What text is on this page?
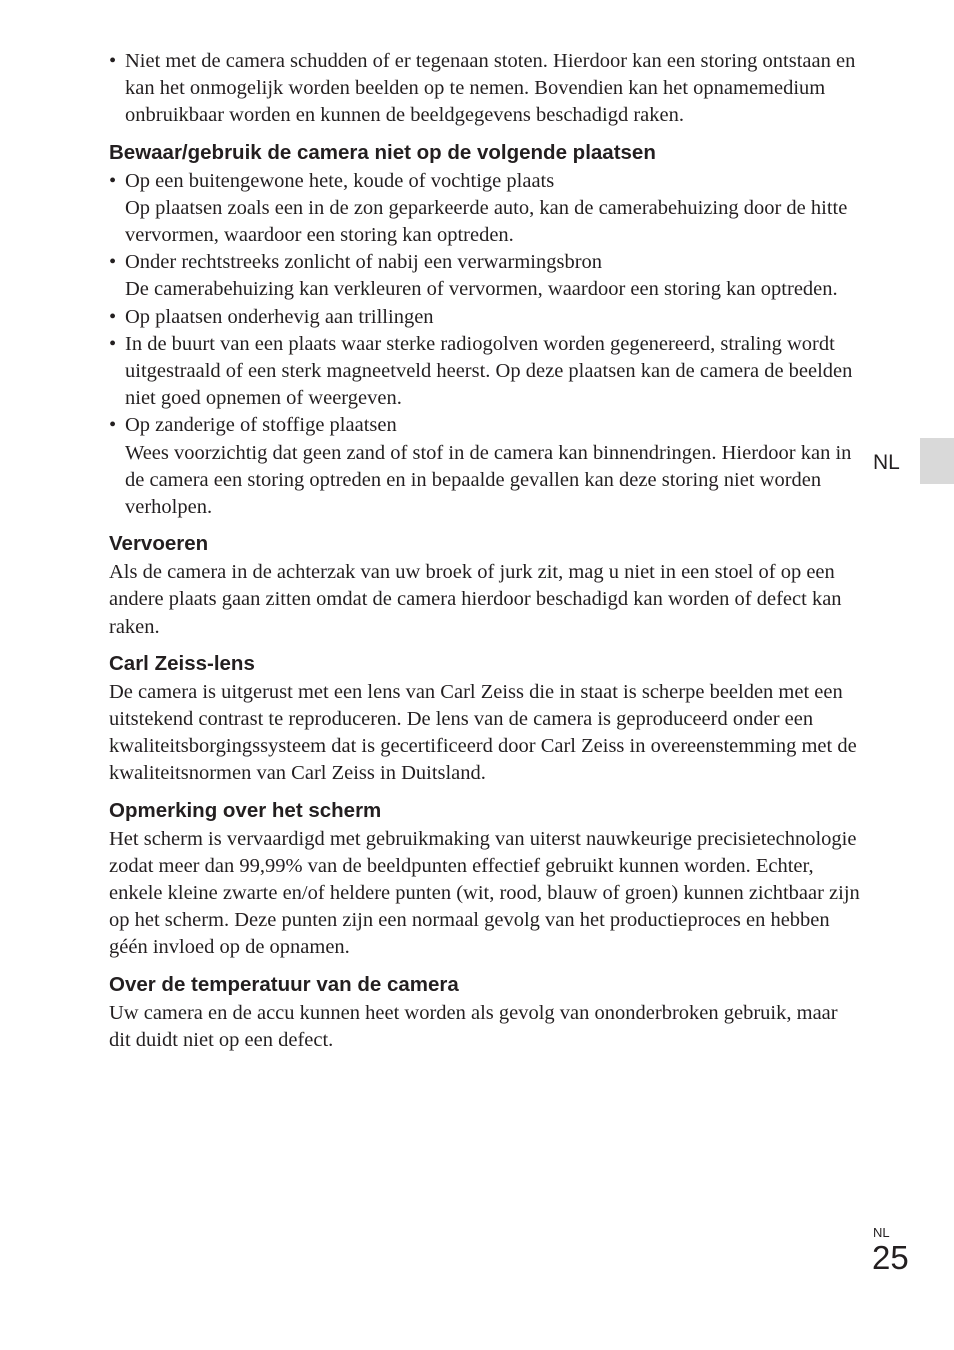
• Niet met de camera schudden of er tegenaan stoten. Hierdoor kan een storing ontstaan en kan het onmogelijk worden beelden op te nemen. Bovendien kan het opnamemedium onbruikbaar worden en kunnen de beeldgegevens beschadigd raken.
Bewaar/gebruik de camera niet op de volgende plaatsen
• Op een buitengewone hete, koude of vochtige plaats
Op plaatsen zoals een in de zon geparkeerde auto, kan de camerabehuizing door de hitte vervormen, waardoor een storing kan optreden.
• Onder rechtstreeks zonlicht of nabij een verwarmingsbron
De camerabehuizing kan verkleuren of vervormen, waardoor een storing kan optreden.
• Op plaatsen onderhevig aan trillingen
• In de buurt van een plaats waar sterke radiogolven worden gegenereerd, straling wordt uitgestraald of een sterk magneetveld heerst. Op deze plaatsen kan de camera de beelden niet goed opnemen of weergeven.
• Op zanderige of stoffige plaatsen
Wees voorzichtig dat geen zand of stof in de camera kan binnendringen. Hierdoor kan in de camera een storing optreden en in bepaalde gevallen kan deze storing niet worden verholpen.
Vervoeren

Als de camera in de achterzak van uw broek of jurk zit, mag u niet in een stoel of op een andere plaats gaan zitten omdat de camera hierdoor beschadigd kan worden of defect kan raken.

Carl Zeiss-lens

De camera is uitgerust met een lens van Carl Zeiss die in staat is scherpe beelden met een uitstekend contrast te reproduceren. De lens van de camera is geproduceerd onder een kwaliteitsborgingssysteem dat is gecertificeerd door Carl Zeiss in overeenstemming met de kwaliteitsnormen van Carl Zeiss in Duitsland.

Opmerking over het scherm

Het scherm is vervaardigd met gebruikmaking van uiterst nauwkeurige precisietechnologie zodat meer dan 99,99% van de beeldpunten effectief gebruikt kunnen worden. Echter, enkele kleine zwarte en/of heldere punten (wit, rood, blauw of groen) kunnen zichtbaar zijn op het scherm. Deze punten zijn een normaal gevolg van het productieproces en hebben géén invloed op de opnamen.

Over de temperatuur van de camera

Uw camera en de accu kunnen heet worden als gevolg van ononderbroken gebruik, maar dit duidt niet op een defect.

NL
NL
25
